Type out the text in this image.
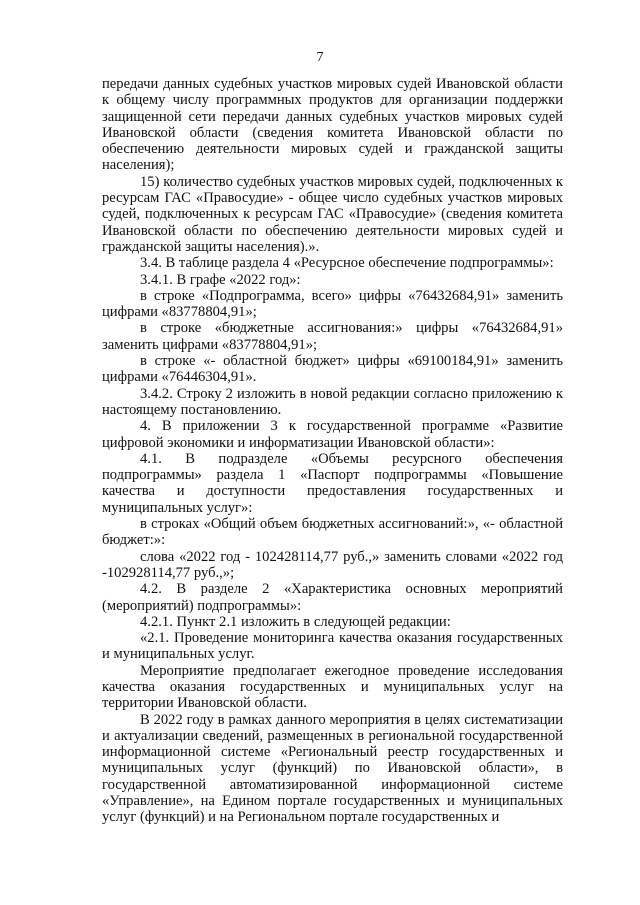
7

передачи данных судебных участков мировых судей Ивановской области к общему числу программных продуктов для организации поддержки защищенной сети передачи данных судебных участков мировых судей Ивановской области (сведения комитета Ивановской области по обеспечению деятельности мировых судей и гражданской защиты населения);

15) количество судебных участков мировых судей, подключенных к ресурсам ГАС «Правосудие» - общее число судебных участков мировых судей, подключенных к ресурсам ГАС «Правосудие» (сведения комитета Ивановской области по обеспечению деятельности мировых судей и гражданской защиты населения).».

3.4. В таблице раздела 4 «Ресурсное обеспечение подпрограммы»:

3.4.1. В графе «2022 год»:

в строке «Подпрограмма, всего» цифры «76432684,91» заменить цифрами «83778804,91»;

в строке «бюджетные ассигнования:» цифры «76432684,91» заменить цифрами «83778804,91»;

в строке «- областной бюджет» цифры «69100184,91» заменить цифрами «76446304,91».

3.4.2. Строку 2 изложить в новой редакции согласно приложению к настоящему постановлению.

4. В приложении 3 к государственной программе «Развитие цифровой экономики и информатизации Ивановской области»:

4.1. В подразделе «Объемы ресурсного обеспечения подпрограммы» раздела 1 «Паспорт подпрограммы «Повышение качества и доступности предоставления государственных и муниципальных услуг»:

в строках «Общий объем бюджетных ассигнований:», «- областной бюджет:»:

слова «2022 год - 102428114,77 руб.,» заменить словами «2022 год -102928114,77 руб.,»;

4.2. В разделе 2 «Характеристика основных мероприятий (мероприятий) подпрограммы»:

4.2.1. Пункт 2.1 изложить в следующей редакции:

«2.1. Проведение мониторинга качества оказания государственных и муниципальных услуг.

Мероприятие предполагает ежегодное проведение исследования качества оказания государственных и муниципальных услуг на территории Ивановской области.

В 2022 году в рамках данного мероприятия в целях систематизации и актуализации сведений, размещенных в региональной государственной информационной системе «Региональный реестр государственных и муниципальных услуг (функций) по Ивановской области», в государственной автоматизированной информационной системе «Управление», на Едином портале государственных и муниципальных услуг (функций) и на Региональном портале государственных и
